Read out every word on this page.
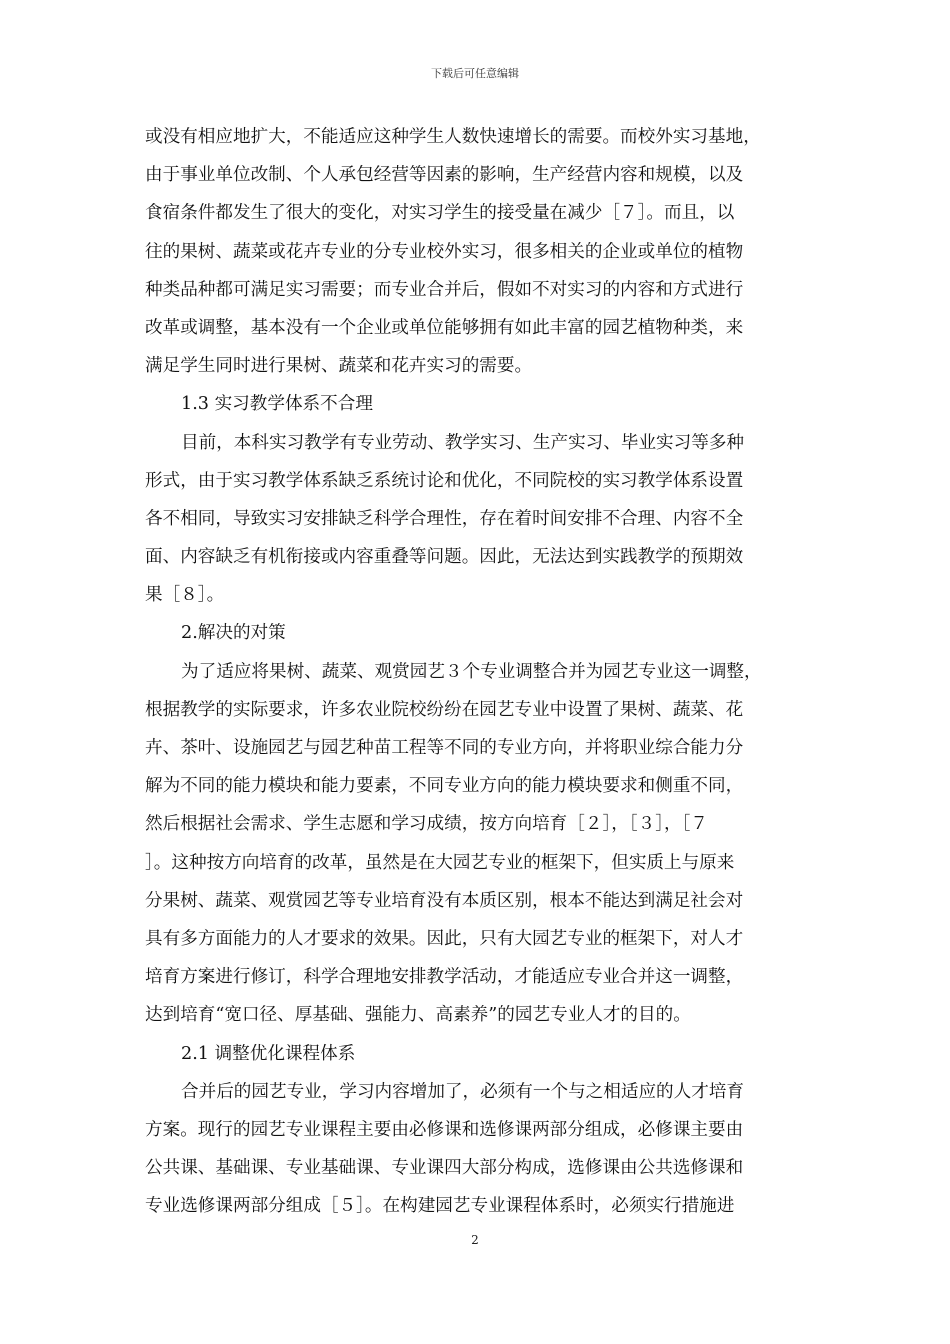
下载后可任意编辑
或没有相应地扩大，不能适应这种学生人数快速增长的需要。而校外实习基地，
由于事业单位改制、个人承包经营等因素的影响，生产经营内容和规模，以及
食宿条件都发生了很大的变化，对实习学生的接受量在减少［７］。而且，以
往的果树、蔬菜或花卉专业的分专业校外实习，很多相关的企业或单位的植物
种类品种都可满足实习需要；而专业合并后，假如不对实习的内容和方式进行
改革或调整，基本没有一个企业或单位能够拥有如此丰富的园艺植物种类，来
满足学生同时进行果树、蔬菜和花卉实习的需要。
1.3 实习教学体系不合理
目前，本科实习教学有专业劳动、教学实习、生产实习、毕业实习等多种
形式，由于实习教学体系缺乏系统讨论和优化，不同院校的实习教学体系设置
各不相同，导致实习安排缺乏科学合理性，存在着时间安排不合理、内容不全
面、内容缺乏有机衔接或内容重叠等问题。因此，无法达到实践教学的预期效
果［８］。
2.解决的对策
为了适应将果树、蔬菜、观赏园艺３个专业调整合并为园艺专业这一调整，
根据教学的实际要求，许多农业院校纷纷在园艺专业中设置了果树、蔬菜、花
卉、茶叶、设施园艺与园艺种苗工程等不同的专业方向，并将职业综合能力分
解为不同的能力模块和能力要素，不同专业方向的能力模块要求和侧重不同，
然后根据社会需求、学生志愿和学习成绩，按方向培育［２］，［３］，［７
］。这种按方向培育的改革，虽然是在大园艺专业的框架下，但实质上与原来
分果树、蔬菜、观赏园艺等专业培育没有本质区别，根本不能达到满足社会对
具有多方面能力的人才要求的效果。因此，只有大园艺专业的框架下，对人才
培育方案进行修订，科学合理地安排教学活动，才能适应专业合并这一调整，
达到培育“宽口径、厚基础、强能力、高素养”的园艺专业人才的目的。
2.1 调整优化课程体系
合并后的园艺专业，学习内容增加了，必须有一个与之相适应的人才培育
方案。现行的园艺专业课程主要由必修课和选修课两部分组成，必修课主要由
公共课、基础课、专业基础课、专业课四大部分构成，选修课由公共选修课和
专业选修课两部分组成［５］。在构建园艺专业课程体系时，必须实行措施进
2
